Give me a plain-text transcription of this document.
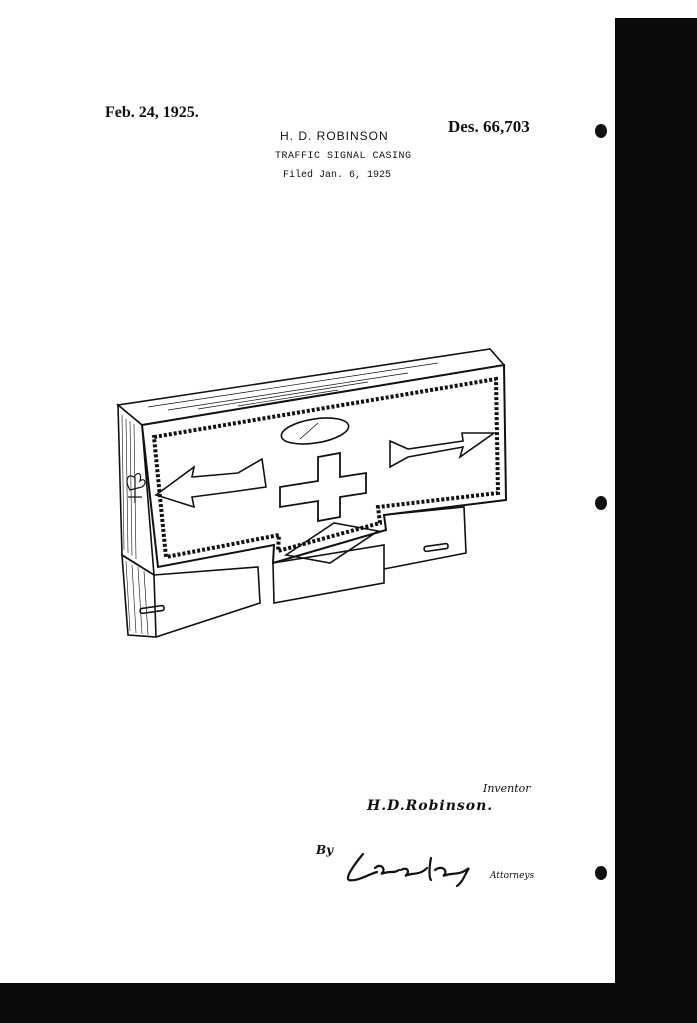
Feb. 24, 1925.
Des. 66,703
H. D. ROBINSON
TRAFFIC SIGNAL CASING
Filed Jan. 6, 1925
Inventor
H.D.Robinson.
By
Attorneys
